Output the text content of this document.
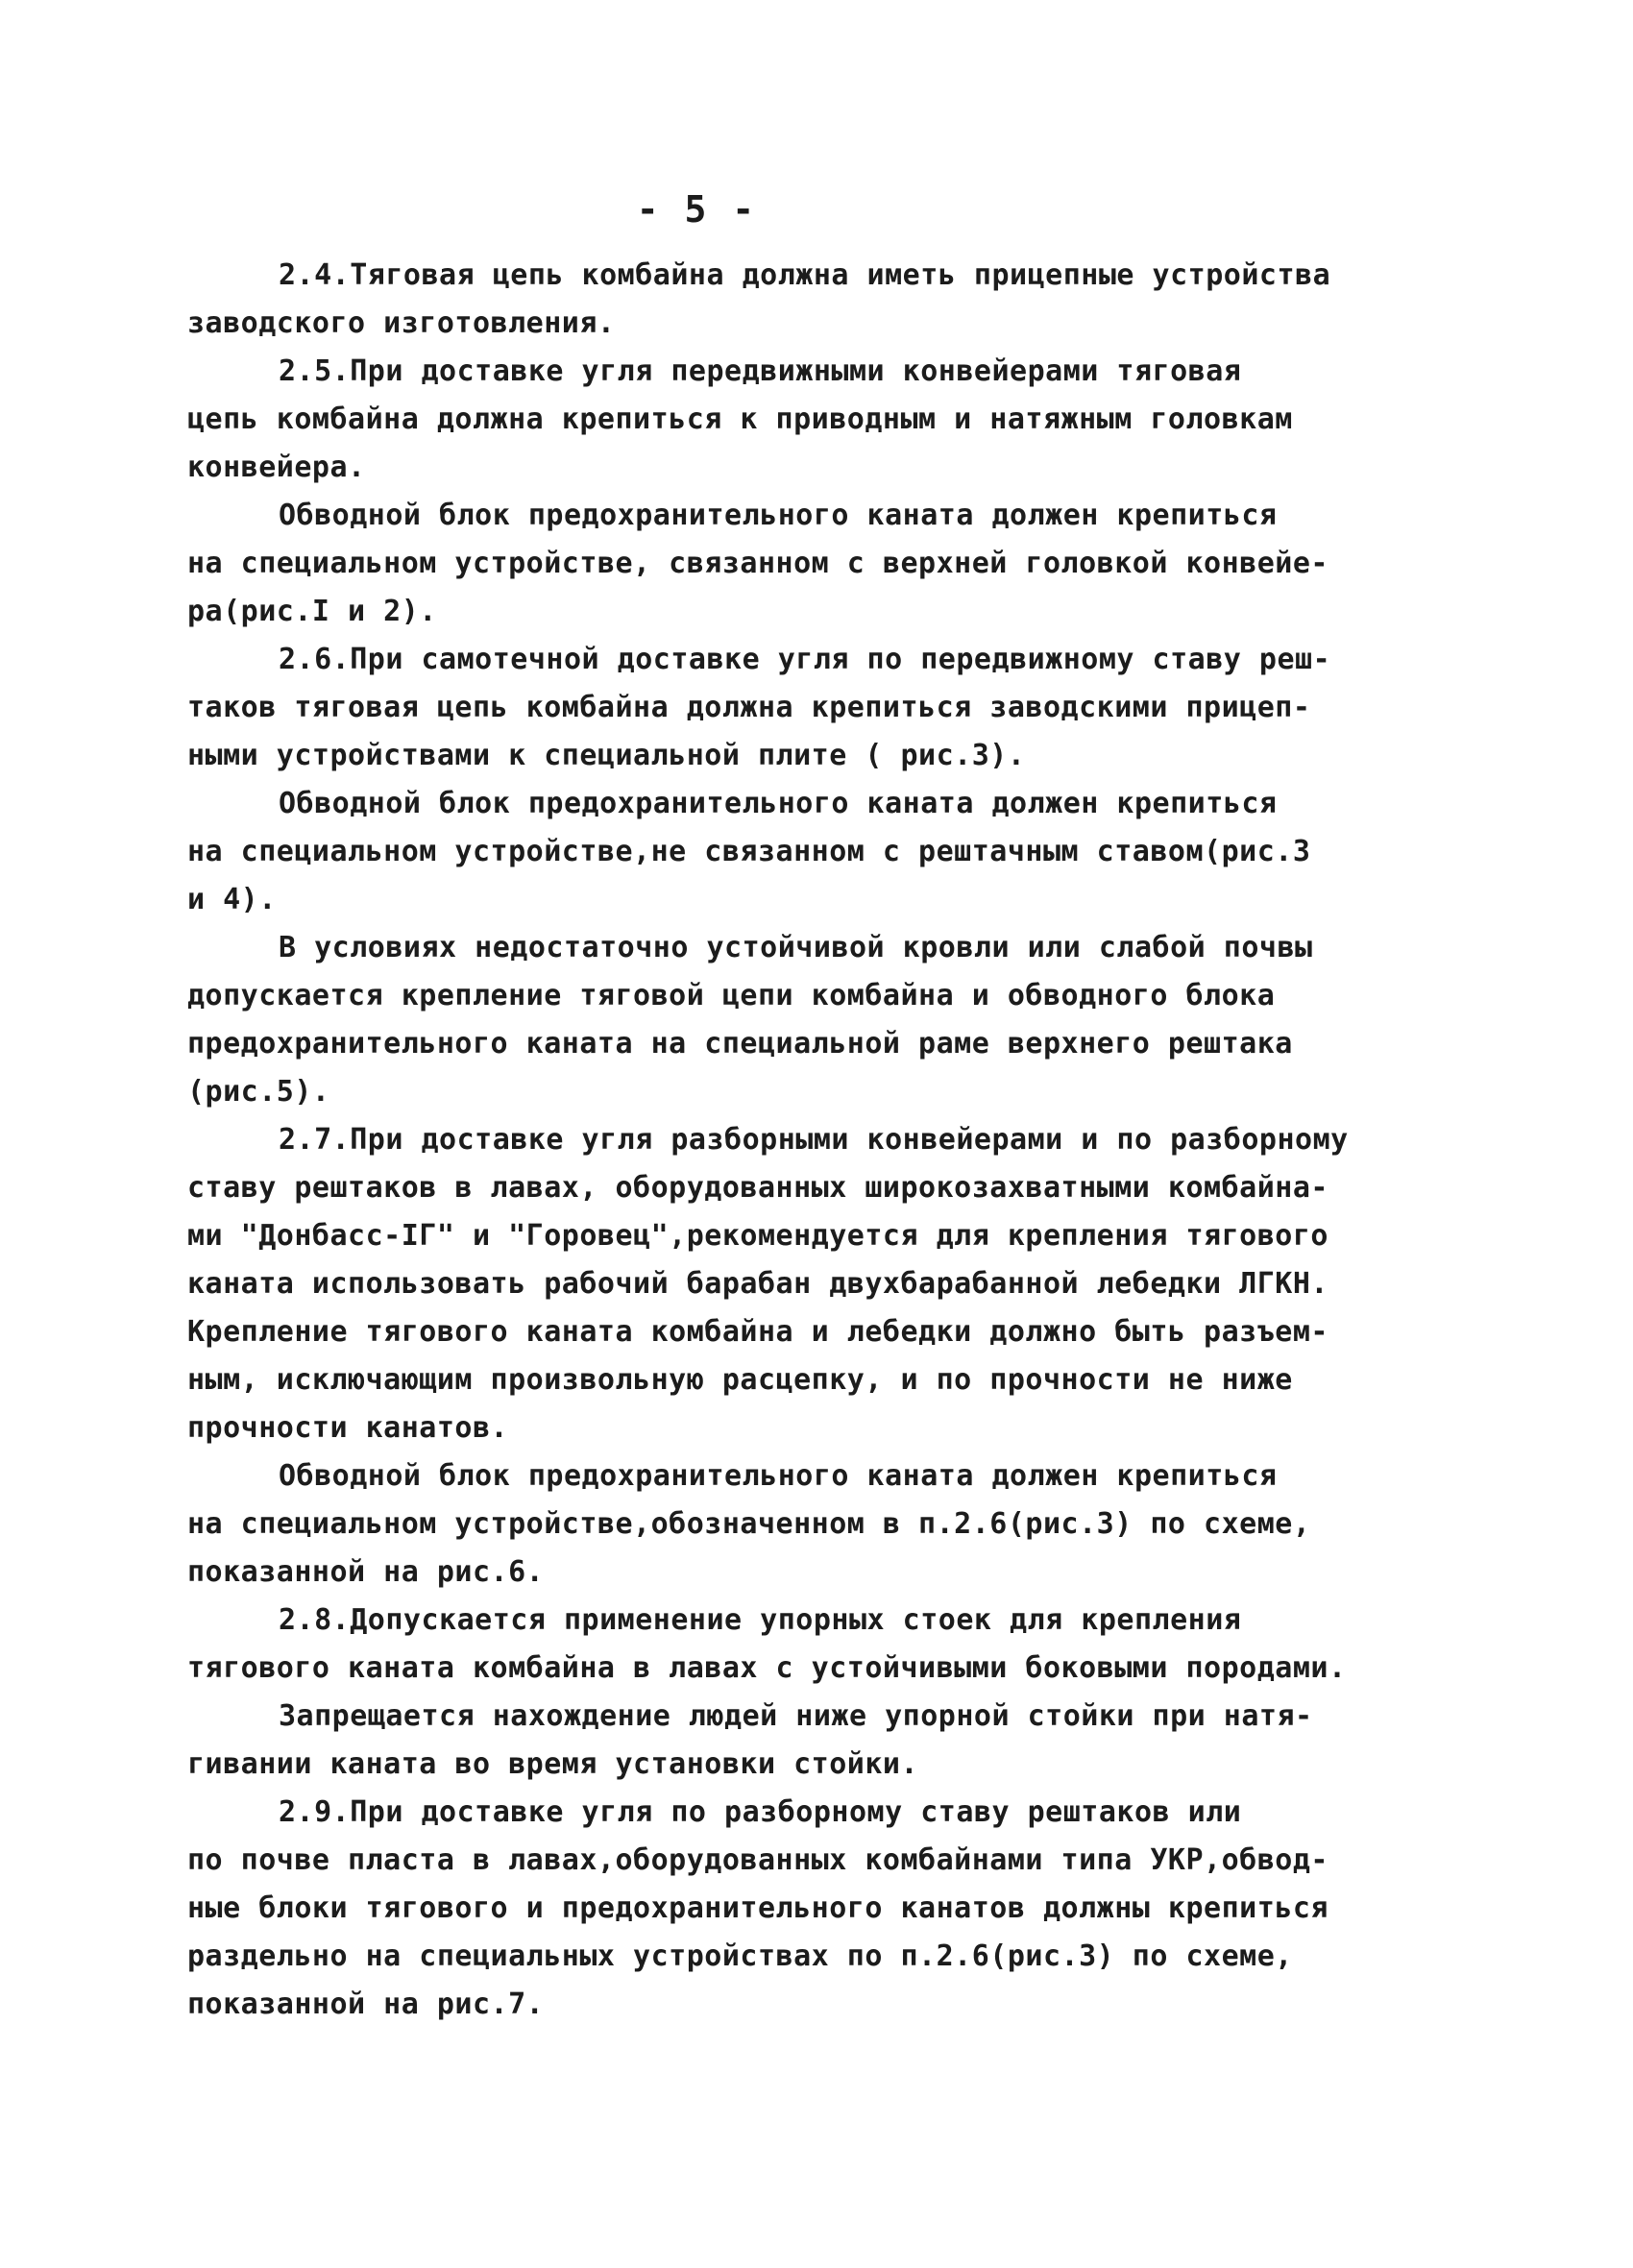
- 5 -
2.4.Тяговая цепь комбайна должна иметь прицепные устройства
заводского изготовления.
2.5.При доставке угля передвижными конвейерами тяговая
цепь комбайна должна крепиться к приводным и натяжным головкам
конвейера.
Обводной блок предохранительного каната должен крепиться
на специальном устройстве, связанном с верхней головкой конвейе-
ра(рис.I и 2).
2.6.При самотечной доставке угля по передвижному ставу реш-
таков тяговая цепь комбайна должна крепиться заводскими прицеп-
ными устройствами к специальной плите ( рис.3).
Обводной блок предохранительного каната должен крепиться
на специальном устройстве,не связанном с рештачным ставом(рис.3
и 4).
В условиях недостаточно устойчивой кровли или слабой почвы
допускается крепление тяговой цепи комбайна и обводного блока
предохранительного каната на специальной раме верхнего рештака
(рис.5).
2.7.При доставке угля разборными конвейерами и по разборному
ставу рештаков в лавах, оборудованных широкозахватными комбайна-
ми "Донбасс-IГ" и "Горовец",рекомендуется для крепления тягового
каната использовать рабочий барабан двухбарабанной лебедки ЛГКН.
Крепление тягового каната комбайна и лебедки должно быть разъем-
ным, исключающим произвольную расцепку, и по прочности не ниже
прочности канатов.
Обводной блок предохранительного каната должен крепиться
на специальном устройстве,обозначенном в п.2.6(рис.3) по схеме,
показанной на рис.6.
2.8.Допускается применение упорных стоек для крепления
тягового каната комбайна в лавах с устойчивыми боковыми породами.
Запрещается нахождение людей ниже упорной стойки при натя-
гивании каната во время установки стойки.
2.9.При доставке угля по разборному ставу рештаков или
по почве пласта в лавах,оборудованных комбайнами типа УКР,обвод-
ные блоки тягового и предохранительного канатов должны крепиться
раздельно на специальных устройствах по п.2.6(рис.3) по схеме,
показанной на рис.7.
